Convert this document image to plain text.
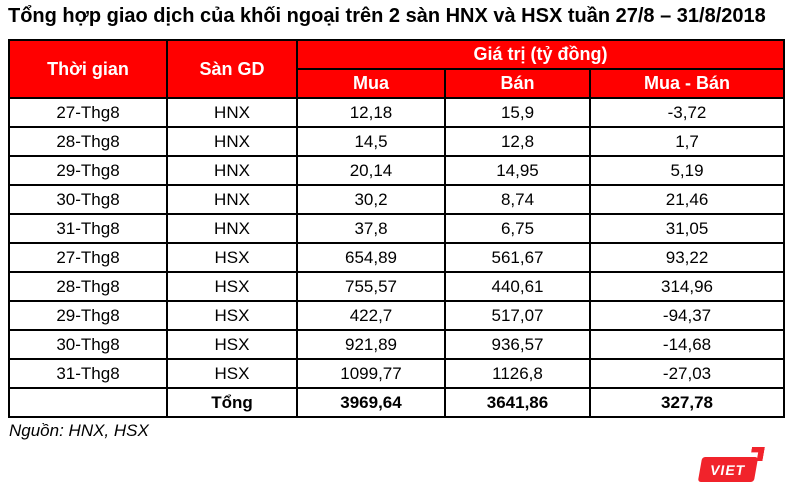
Tổng hợp giao dịch của khối ngoại trên 2 sàn HNX và HSX tuần 27/8 – 31/8/2018
Thời gian	Sàn GD	Giá trị (tỷ đồng)		
		Mua	Bán	Mua - Bán
27-Thg8	HNX	12,18	15,9	-3,72
28-Thg8	HNX	14,5	12,8	1,7
29-Thg8	HNX	20,14	14,95	5,19
30-Thg8	HNX	30,2	8,74	21,46
31-Thg8	HNX	37,8	6,75	31,05
27-Thg8	HSX	654,89	561,67	93,22
28-Thg8	HSX	755,57	440,61	314,96
29-Thg8	HSX	422,7	517,07	-94,37
30-Thg8	HSX	921,89	936,57	-14,68
31-Thg8	HSX	1099,77	1126,8	-27,03
	Tổng	3969,64	3641,86	327,78
Nguồn: HNX, HSX
VIET
